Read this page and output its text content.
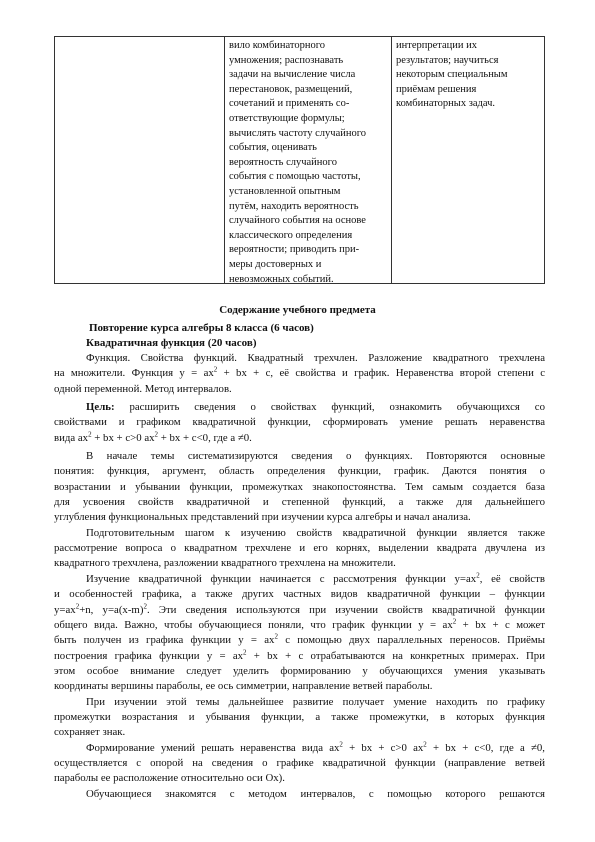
вило комбинаторного
умножения; распознавать
задачи на вычисление числа
перестановок, размещений,
сочетаний и применять со-
ответствующие формулы;
вычислять частоту случайного
события, оценивать
вероятность случайного
события с помощью частоты,
установленной опытным
путём, находить вероятность
случайного события на основе
классического определения
вероятности; приводить при-
меры достоверных и
невозможных событий.
интерпретации их
результатов; научиться
некоторым специальным
приёмам решения
комбинаторных задач.
Содержание учебного предмета
Повторение курса алгебры 8 класса (6 часов)
Квадратичная функция (20 часов)
Функция. Свойства функций. Квадратный трехчлен. Разложение квадратного трехчлена
на множители. Функция $y = ax^2$ + bx + c, её свойства и график. Неравенства второй степени с
одной переменной. Метод интервалов.
Цель: расширить сведения о свойствах функций, ознакомить обучающихся со
свойствами и графиком квадратичной функции, сформировать умение решать неравенства
вида $ax^2$ + bx + c>0 $ax^2$ + bx + c<0, где а ≠0.
В начале темы систематизируются сведения о функциях. Повторяются основные
понятия: функция, аргумент, область определения функции, график. Даются понятия о
возрастании и убывании функции, промежутках знакопостоянства. Тем самым создается база
для усвоения свойств квадратичной и степенной функций, а также для дальнейшего
углубления функциональных представлений при изучении курса алгебры и начал анализа.
Подготовительным шагом к изучению свойств квадратичной функции является также
рассмотрение вопроса о квадратном трехчлене и его корнях, выделении квадрата двучлена из
квадратного трехчлена, разложении квадратного трехчлена на множители.
Изучение квадратичной функции начинается с рассмотрения функции $y=ax^2$, её свойств
и особенностей графика, а также других частных видов квадратичной функции – функции
$y=ax^2+n$, $y=a(x-m)^2$. Эти сведения используются при изучении свойств квадратичной функции
общего вида. Важно, чтобы обучающиеся поняли, что график функции $y = ax^2$ + bx + c может
быть получен из графика функции $y = ax^2$ с помощью двух параллельных переносов. Приёмы
построения графика функции $y = ax^2$ + bx + c отрабатываются на конкретных примерах. При
этом особое внимание следует уделить формированию у обучающихся умения указывать
координаты вершины параболы, ее ось симметрии, направление ветвей параболы.
При изучении этой темы дальнейшее развитие получает умение находить по графику
промежутки возрастания и убывания функции, а также промежутки, в которых функция
сохраняет знак.
Формирование умений решать неравенства вида $ax^2$ + bx + c>0 $ax^2$ + bx + c<0, где а ≠0,
осуществляется с опорой на сведения о графике квадратичной функции (направление ветвей
параболы ее расположение относительно оси Ox).
Обучающиеся знакомятся с методом интервалов, с помощью которого решаются
